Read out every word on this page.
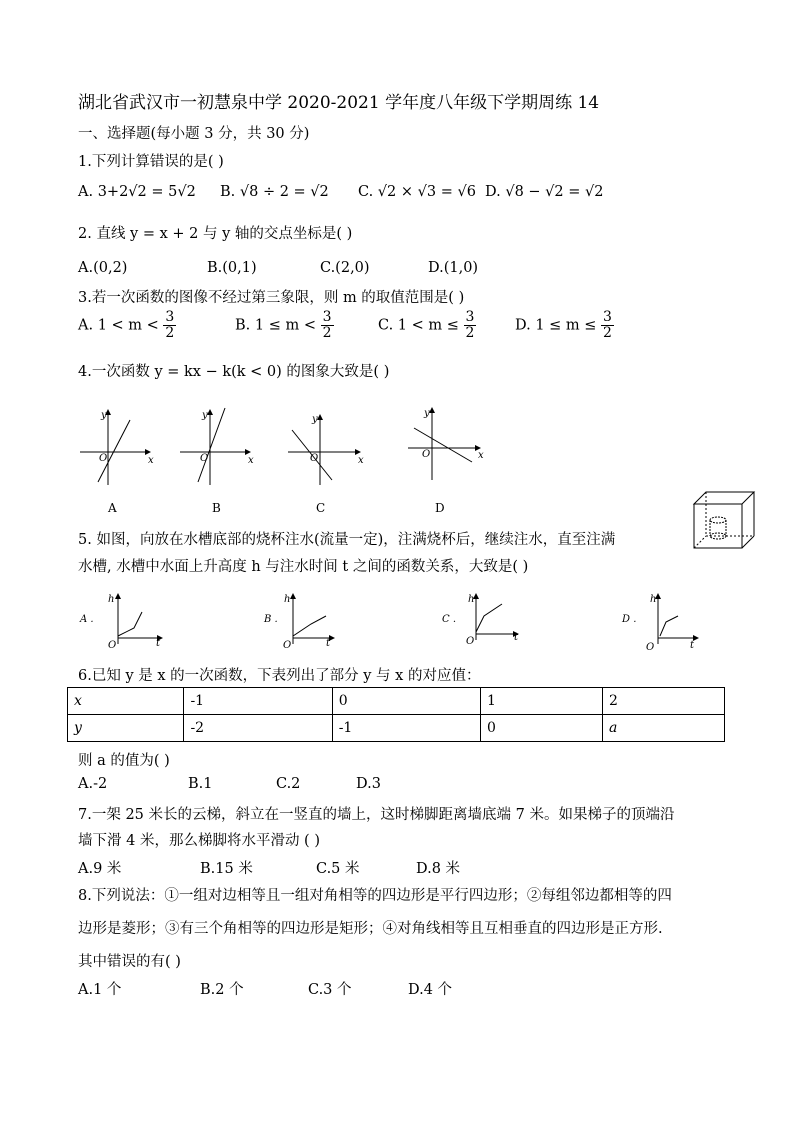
湖北省武汉市一初慧泉中学 2020-2021 学年度八年级下学期周练 14
一、选择题(每小题 3 分，共 30 分)
1.下列计算错误的是( )
A. 3+2√2 = 5√2 B. √8 ÷ 2 = √2 C. √2 × √3 = √6 D. √8 − √2 = √2
2. 直线 y = x + 2 与 y 轴的交点坐标是( )
A.(0,2)	B.(0,1)	C.(2,0)	D.(1,0)
3.若一次函数的图像不经过第三象限，则 m 的取值范围是( )
A. $1 < m < \frac{3}{2}$	B. $1 \le m < \frac{3}{2}$	C. $1 < m \le \frac{3}{2}$	D. $1 \le m \le \frac{3}{2}$
4.一次函数 y = kx − k(k < 0) 的图象大致是( )
y
x
O
A
y
x
O
B
y
x
O
C
y
x
O
D
5. 如图，向放在水槽底部的烧杯注水(流量一定)，注满烧杯后，继续注水，直至注满
水槽, 水槽中水面上升高度 h 与注水时间 t 之间的函数关系，大致是( )
A .
h
t
O
B .
h
t
O
C .
h
t
O
D .
h
t
O
6.已知 y 是 x 的一次函数，下表列出了部分 y 与 x 的对应值：
x	-1	0	1	2
y	-2	-1	0	a
则 a 的值为( )
A.-2	B.1	C.2	D.3
7.一架 25 米长的云梯，斜立在一竖直的墙上，这时梯脚距离墙底端 7 米。如果梯子的顶端沿
墙下滑 4 米，那么梯脚将水平滑动 ( )
A.9 米	B.15 米	C.5 米	D.8 米
8.下列说法：①一组对边相等且一组对角相等的四边形是平行四边形；②每组邻边都相等的四
边形是菱形；③有三个角相等的四边形是矩形；④对角线相等且互相垂直的四边形是正方形.
其中错误的有( )
A.1 个	B.2 个	C.3 个	D.4 个
